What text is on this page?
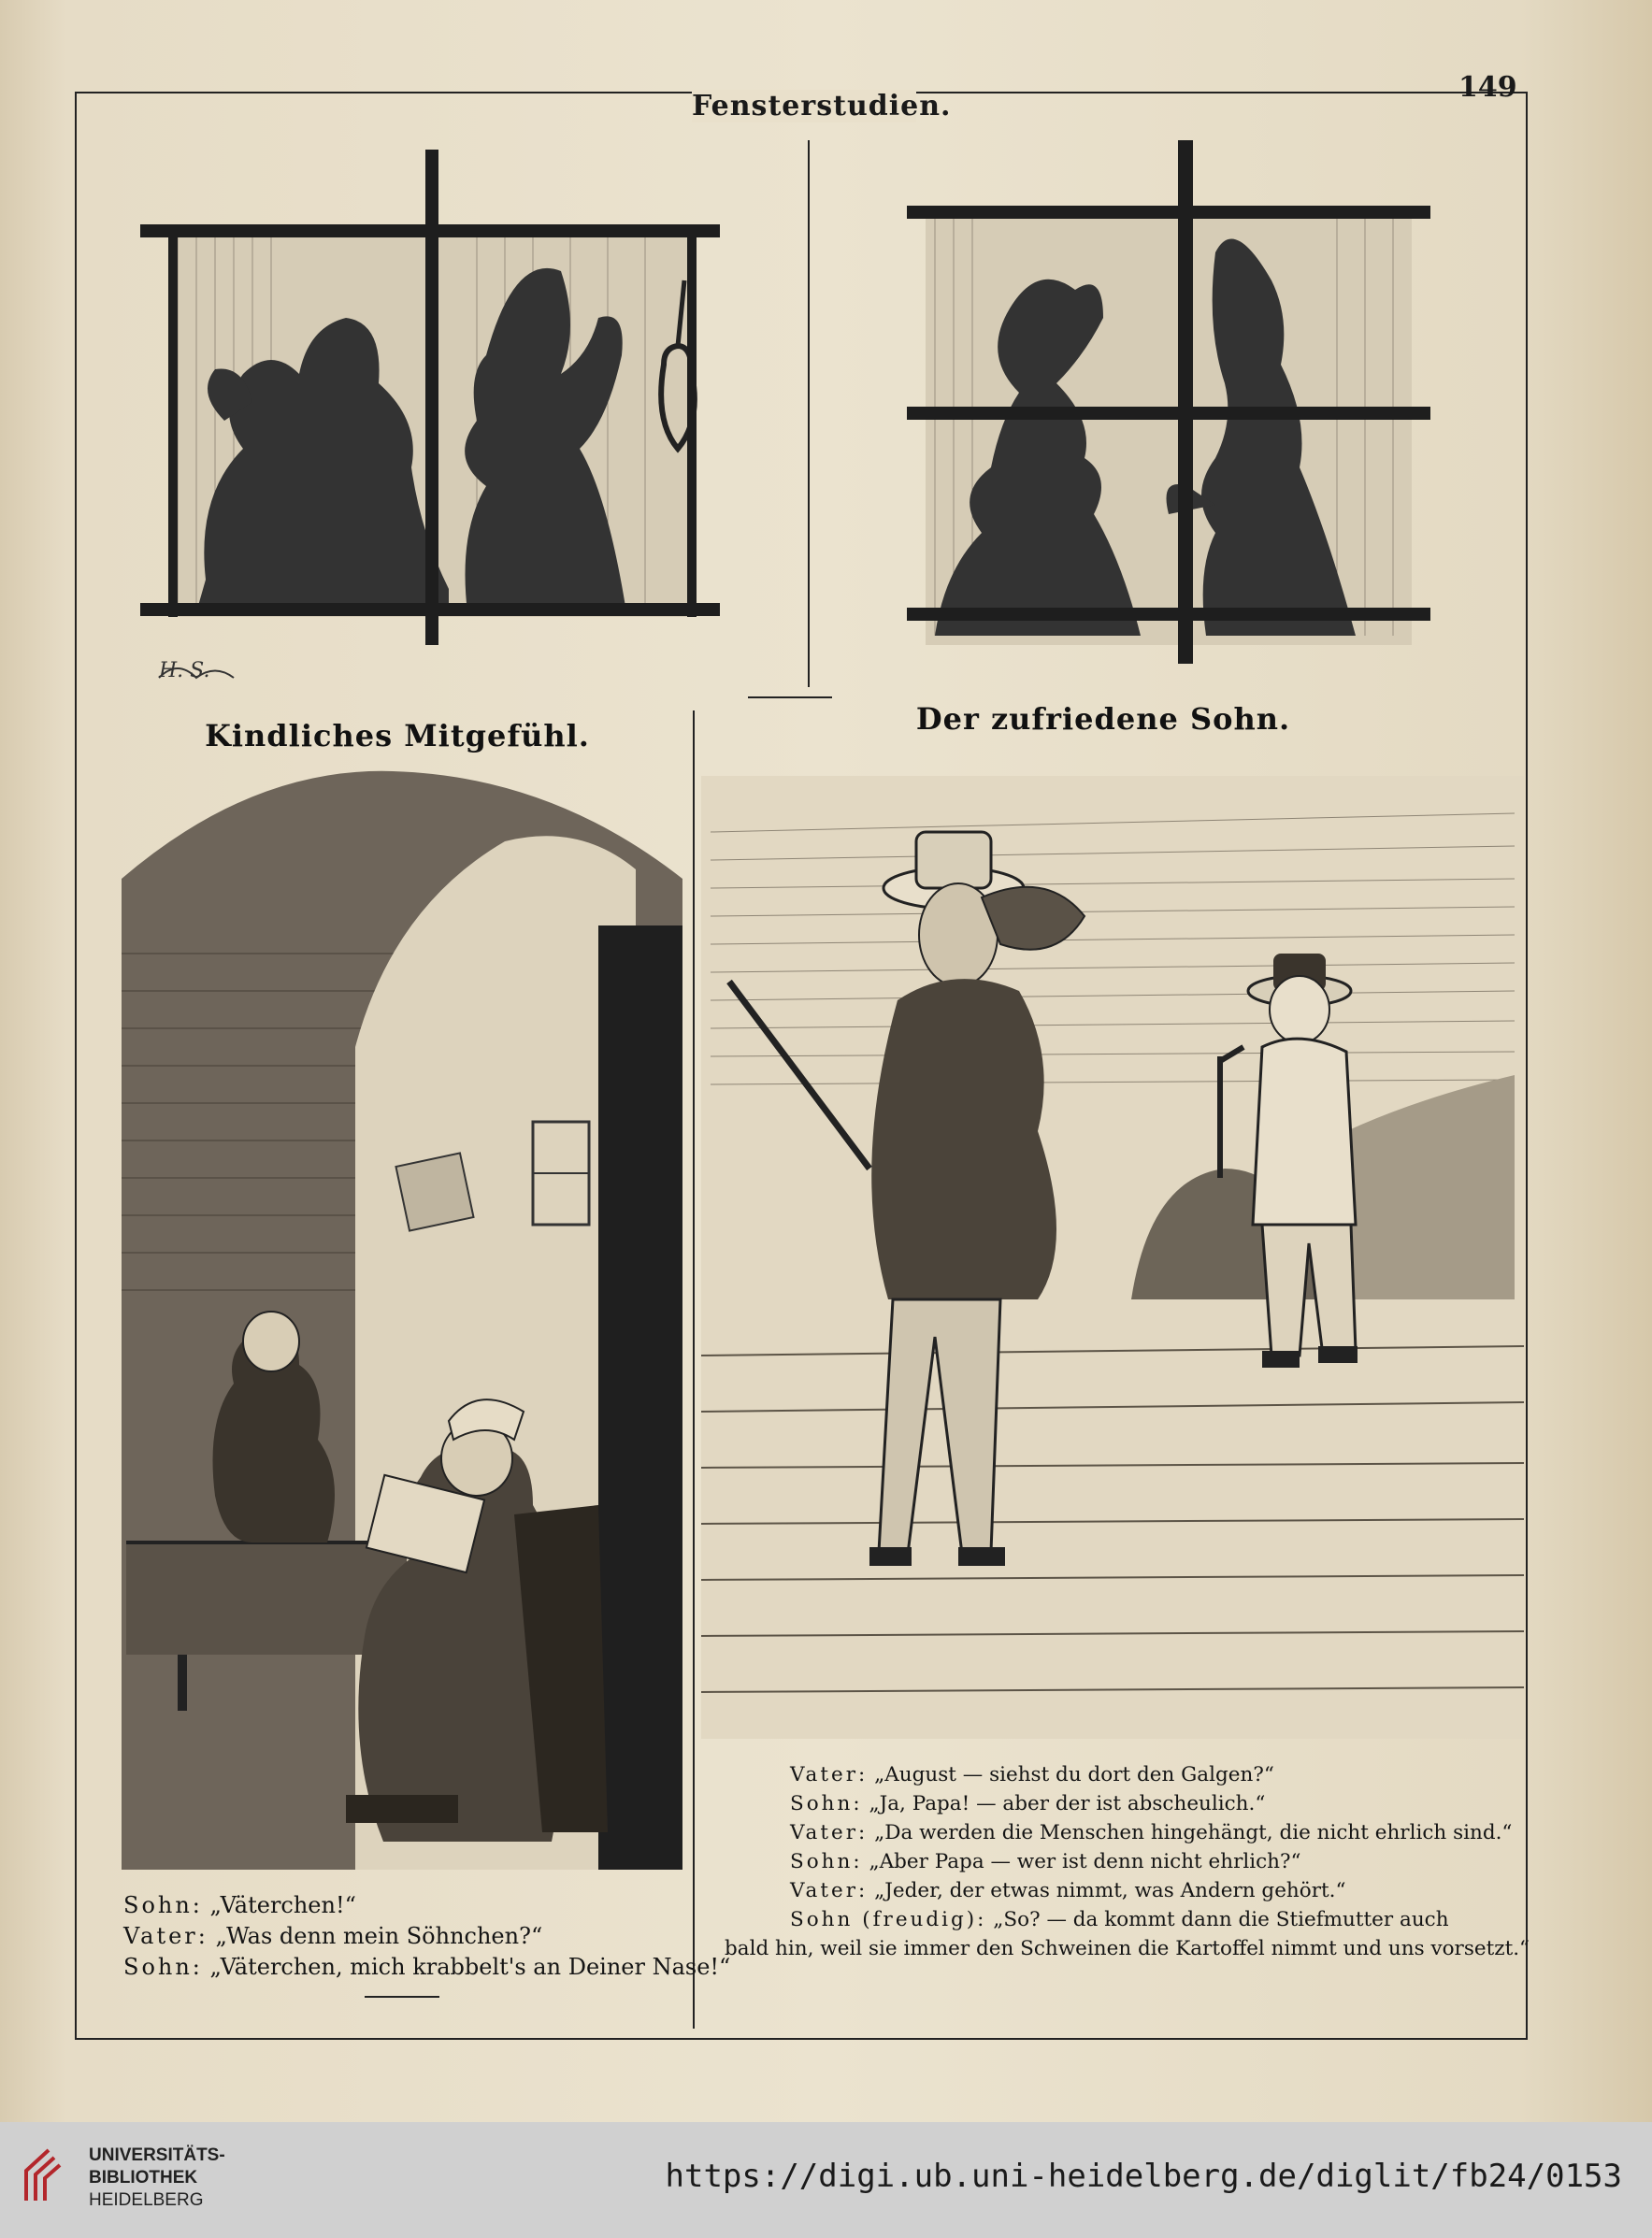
Fensterstudien.
149
H. S.
Kindliches Mitgefühl.	Der zufriedene Sohn.

Sohn: „Väterchen!“
Vater: „Was denn mein Söhnchen?“
Sohn: „Väterchen, mich krabbelt's an Deiner Nase!“
Vater: „August — siehst du dort den Galgen?“
Sohn: „Ja, Papa! — aber der ist abscheulich.“
Vater: „Da werden die Menschen hingehängt, die nicht ehrlich sind.“
Sohn: „Aber Papa — wer ist denn nicht ehrlich?“
Vater: „Jeder, der etwas nimmt, was Andern gehört.“
Sohn (freudig): „So? — da kommt dann die Stiefmutter auch
bald hin, weil sie immer den Schweinen die Kartoffel nimmt und uns vorsetzt.“
UNIVERSITÄTS-
BIBLIOTHEK
HEIDELBERG
https://digi.ub.uni-heidelberg.de/diglit/fb24/0153
